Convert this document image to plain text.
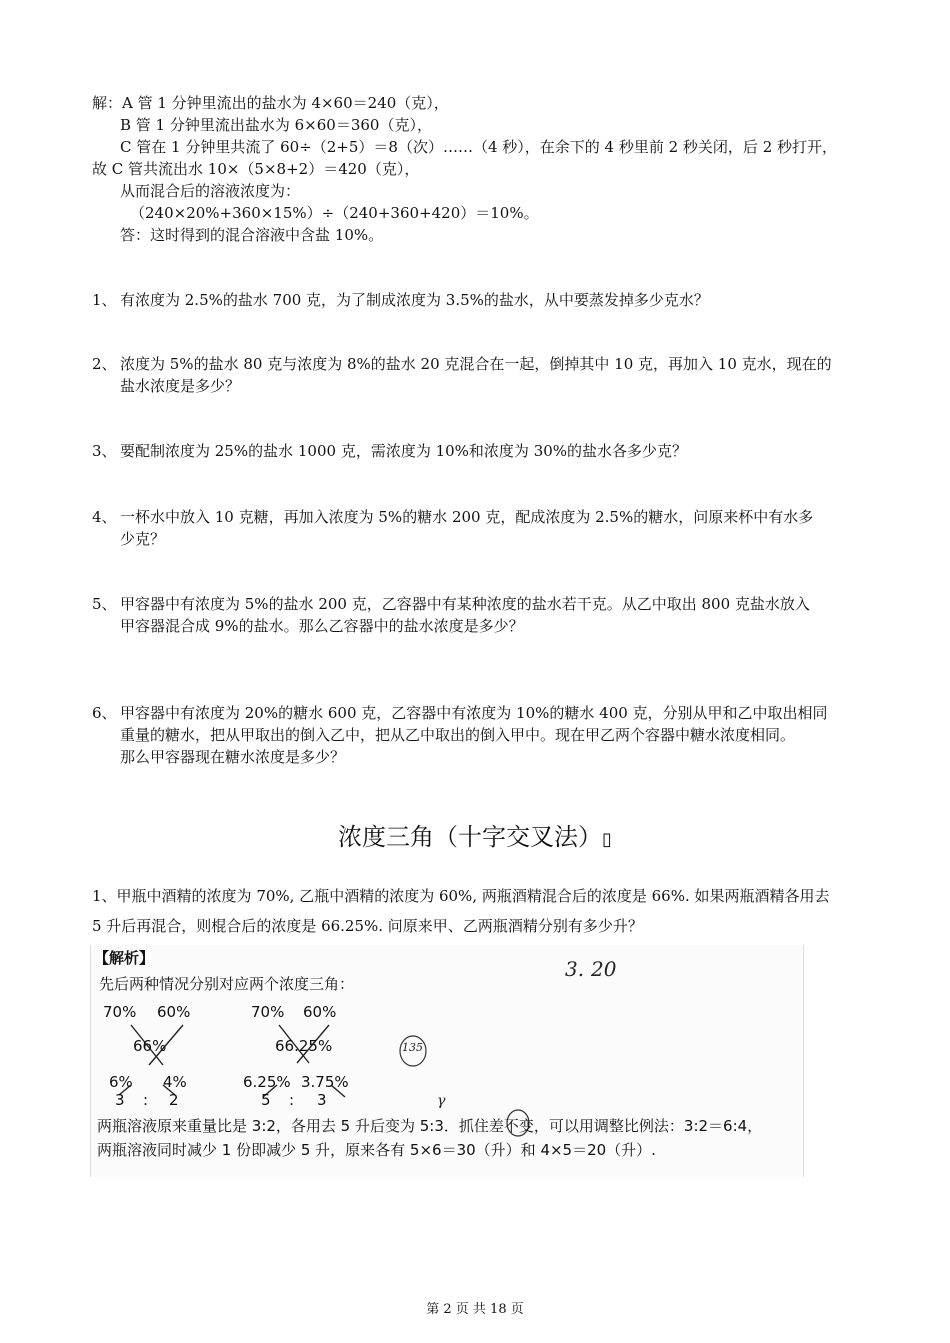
解：A 管 1 分钟里流出的盐水为 4×60＝240（克），
B 管 1 分钟里流出盐水为 6×60＝360（克），
C 管在 1 分钟里共流了 60÷（2+5）＝8（次）……（4 秒），在余下的 4 秒里前 2 秒关闭，后 2 秒打开，
故 C 管共流出水 10×（5×8+2）＝420（克），
从而混合后的溶液浓度为：
（240×20%+360×15%）÷（240+360+420）＝10%。
答：这时得到的混合溶液中含盐 10%。
1、 有浓度为 2.5%的盐水 700 克，为了制成浓度为 3.5%的盐水，从中要蒸发掉多少克水？
2、 浓度为 5%的盐水 80 克与浓度为 8%的盐水 20 克混合在一起，倒掉其中 10 克，再加入 10 克水，现在的
盐水浓度是多少？
3、 要配制浓度为 25%的盐水 1000 克，需浓度为 10%和浓度为 30%的盐水各多少克？
4、 一杯水中放入 10 克糖，再加入浓度为 5%的糖水 200 克，配成浓度为 2.5%的糖水，问原来杯中有水多
少克？
5、 甲容器中有浓度为 5%的盐水 200 克，乙容器中有某种浓度的盐水若干克。从乙中取出 800 克盐水放入
甲容器混合成 9%的盐水。那么乙容器中的盐水浓度是多少？
6、 甲容器中有浓度为 20%的糖水 600 克，乙容器中有浓度为 10%的糖水 400 克，分别从甲和乙中取出相同
重量的糖水，把从甲取出的倒入乙中，把从乙中取出的倒入甲中。现在甲乙两个容器中糖水浓度相同。
那么甲容器现在糖水浓度是多少？
浓度三角（十字交叉法）▯
1、甲瓶中酒精的浓度为 70%, 乙瓶中酒精的浓度为 60%, 两瓶酒精混合后的浓度是 66%. 如果两瓶酒精各用去
5 升后再混合，则棍合后的浓度是 66.25%. 问原来甲、乙两瓶酒精分别有多少升？
【解析】
先后两种情况分别对应两个浓度三角：
70% 60%
66%
6% 4%
3 : 2
70% 60%
66.25%
6.25% 3.75%
5 : 3
3. 20
135
γ
两瓶溶液原来重量比是 3:2，各用去 5 升后变为 5:3．抓住差不变，可以用调整比例法：3:2＝6:4，
两瓶溶液同时减少 1 份即减少 5 升，原来各有 5×6＝30（升）和 4×5＝20（升）.
第 2 页 共 18 页
